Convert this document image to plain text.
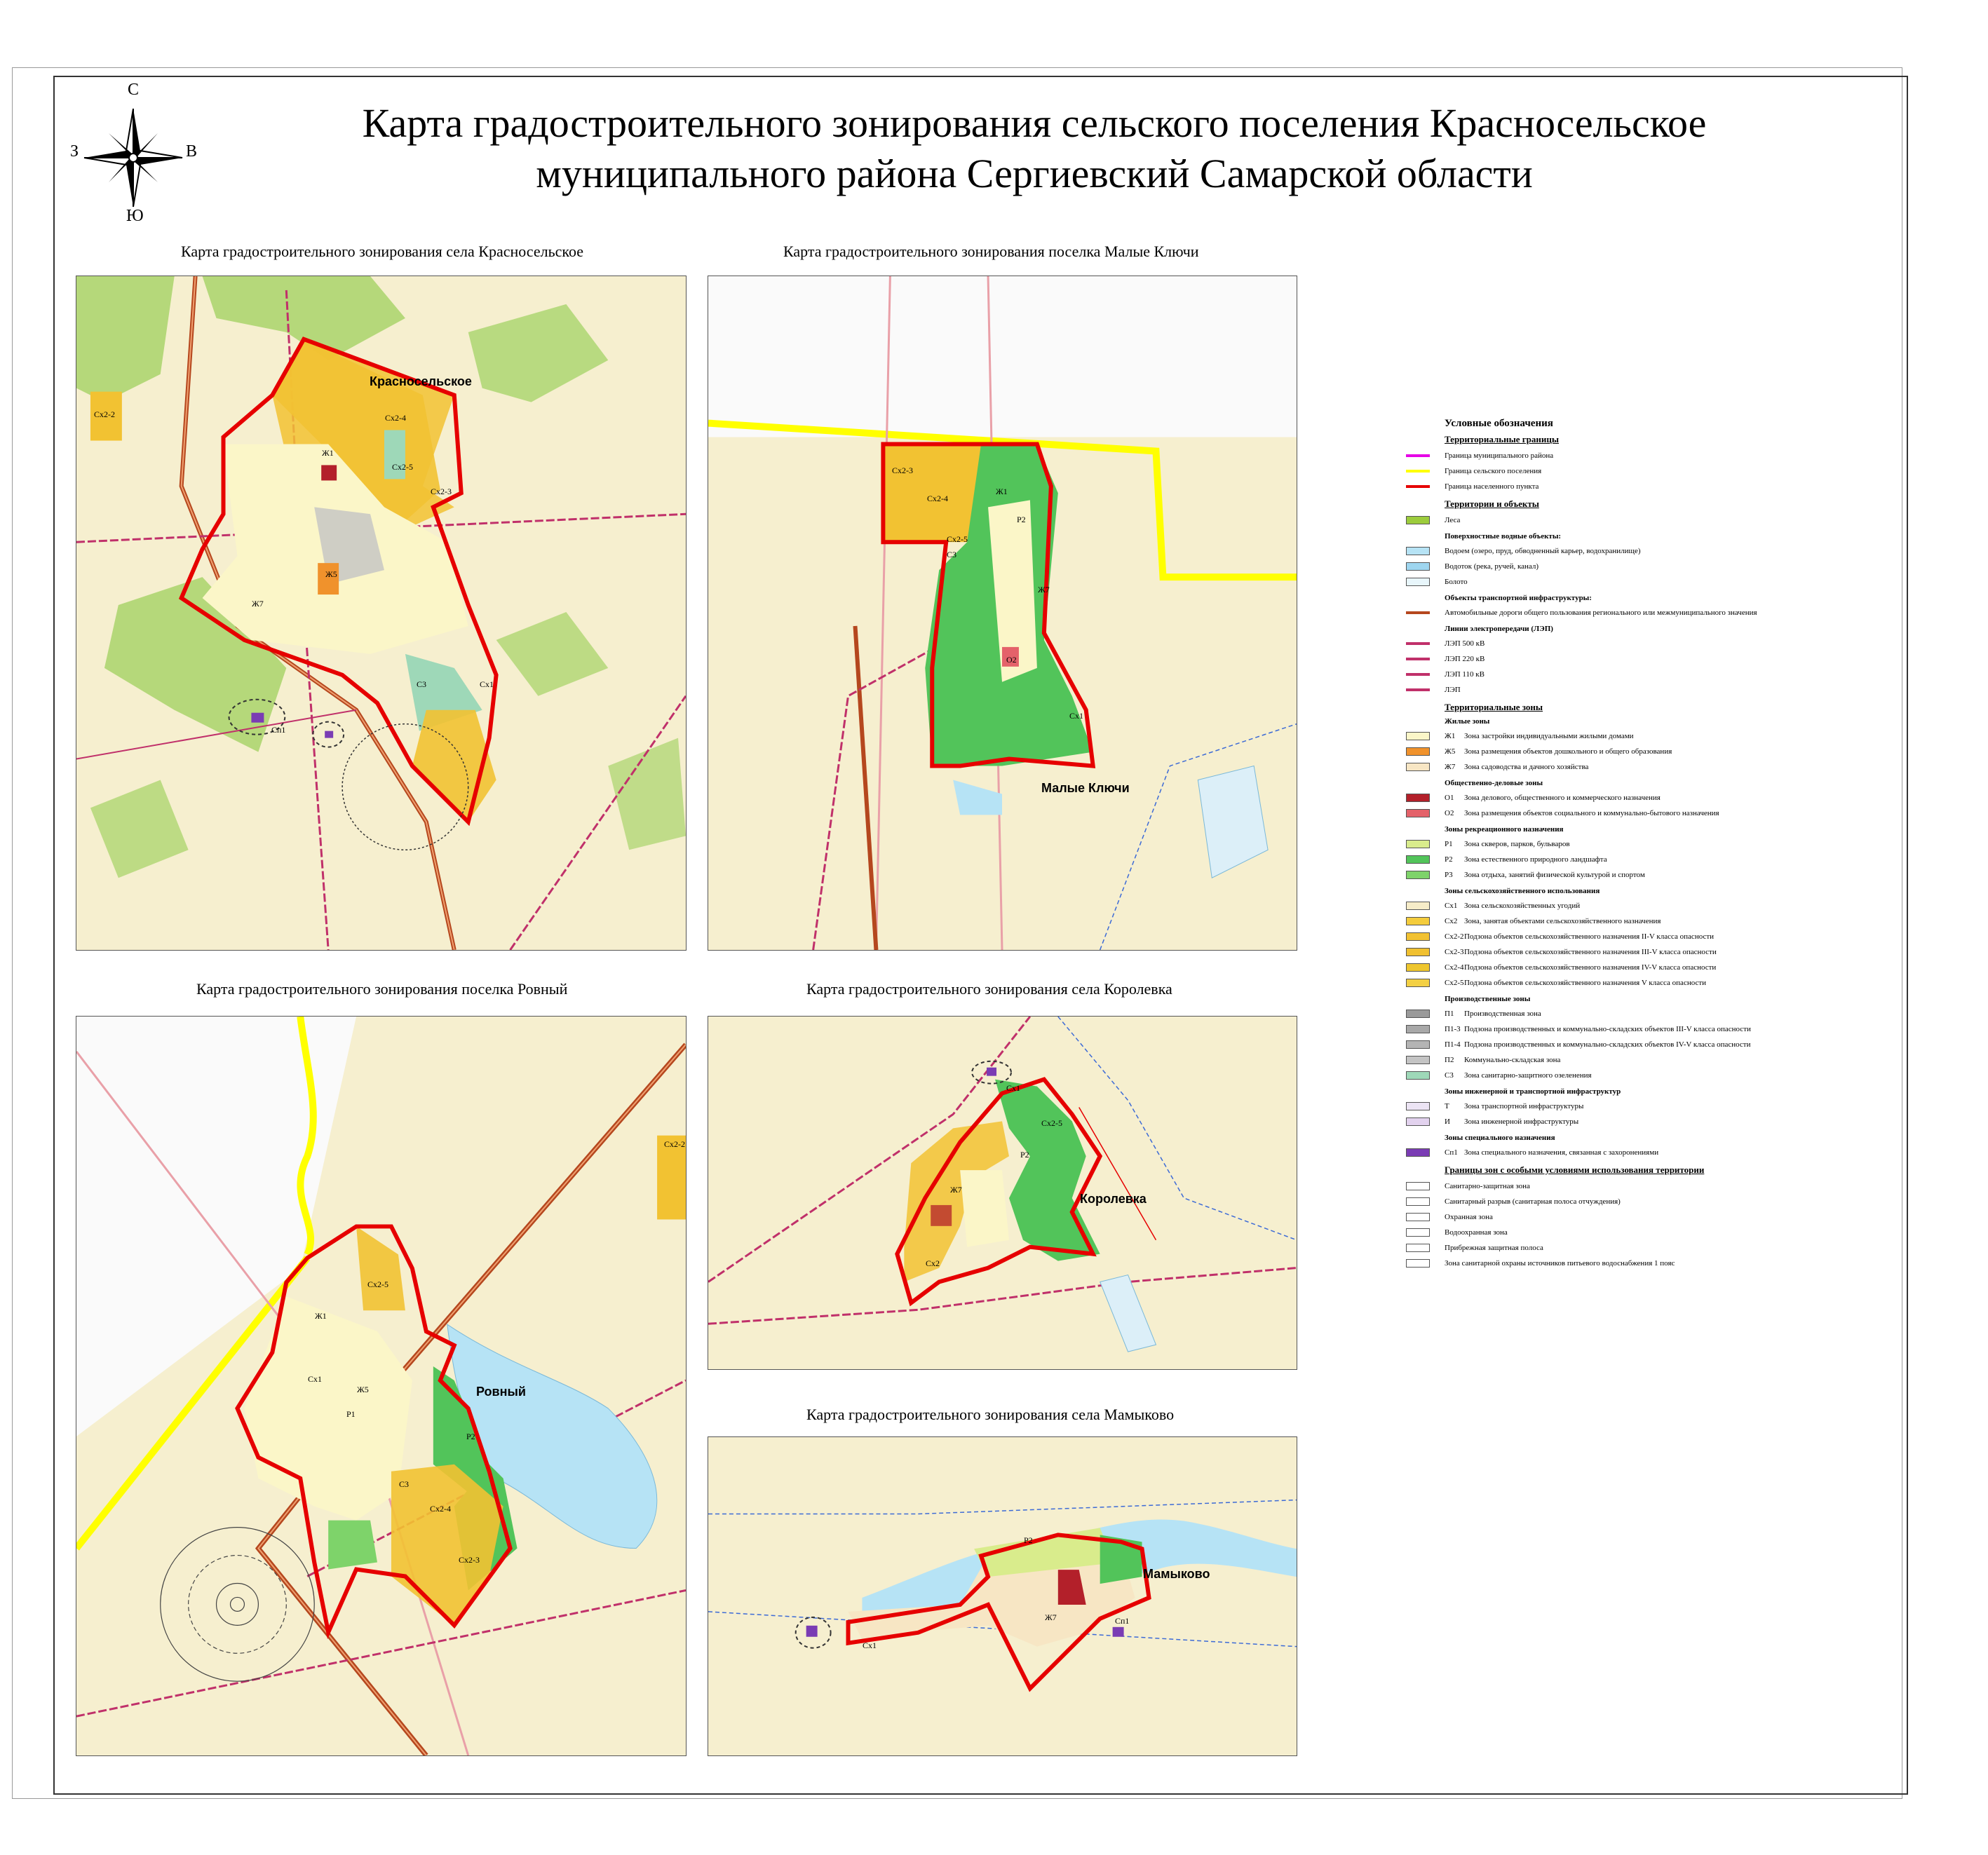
С
Ю
В
З
Карта градостроительного зонирования сельского поселения Красносельское
муниципального района Сергиевский Самарской области
Карта градостроительного зонирования села Красносельское	Карта градостроительного зонирования поселка Малые Ключи
Карта градостроительного зонирования поселка Ровный	Карта градостроительного зонирования села Королевка
Карта градостроительного зонирования села Мамыково
Красносельское
Сх2-2
Сх2-3
Сх2-4
Сх2-5
Ж1
Ж5
С3	Сх1
Ж7
Сп1
Малые Ключи
Сх2-3
Сх2-4
Сх2-5
Ж1
Р2
С3
Сх1
О2
Ж7
Ровный
Сх1
Сх2-5
Ж1
Ж5
Р1
Р2
С3
Сх2-4
Сх2-3
Сх2-2
Королевка
Сх1
Сх2-5
Р2
Ж7
Сх2
Мамыково
Сх1
Р2
Ж7	Сп1
Условные обозначения
Территориальные границы
Граница муниципального района
Граница сельского поселения
Граница населенного пункта
Территории и объекты
Леса
Поверхностные водные объекты:
Водоем (озеро, пруд, обводненный карьер, водохранилище)
Водоток (река, ручей, канал)
Болото
Объекты транспортной инфраструктуры:
Автомобильные дороги общего пользования регионального или межмуниципального значения
Линии электропередачи (ЛЭП)
ЛЭП 500 кВ
ЛЭП 220 кВ
ЛЭП 110 кВ
ЛЭП
Территориальные зоны
Жилые зоны
Ж1	Зона застройки индивидуальными жилыми домами
Ж5	Зона размещения объектов дошкольного и общего образования
Ж7	Зона садоводства и дачного хозяйства
Общественно-деловые зоны
О1	Зона делового, общественного и коммерческого назначения
О2	Зона размещения объектов социального и коммунально-бытового назначения
Зоны рекреационного назначения
Р1	Зона скверов, парков, бульваров
Р2	Зона естественного природного ландшафта
Р3	Зона отдыха, занятий физической культурой и спортом
Зоны сельскохозяйственного использования
Сх1 Зона сельскохозяйственных угодий
Сх2 Зона, занятая объектами сельскохозяйственного назначения
Сх2-2 Подзона объектов сельскохозяйственного назначения II-V класса опасности
Сх2-3 Подзона объектов сельскохозяйственного назначения III-V класса опасности
Сх2-4 Подзона объектов сельскохозяйственного назначения IV-V класса опасности
Сх2-5 Подзона объектов сельскохозяйственного назначения V класса опасности
Производственные зоны
П1	Производственная зона
П1-3 Подзона производственных и коммунально-складских объектов III-V класса опасности
П1-4 Подзона производственных и коммунально-складских объектов IV-V класса опасности
П2	Коммунально-складская зона
С3	Зона санитарно-защитного озеленения
Зоны инженерной и транспортной инфраструктур
Т	Зона транспортной инфраструктуры
И	Зона инженерной инфраструктуры
Зоны специального назначения
Сп1 Зона специального назначения, связанная с захоронениями
Границы зон с особыми условиями использования территории
Санитарно-защитная зона
Санитарный разрыв (санитарная полоса отчуждения)
Охранная зона
Водоохранная зона
Прибрежная защитная полоса
Зона санитарной охраны источников питьевого водоснабжения 1 пояс
